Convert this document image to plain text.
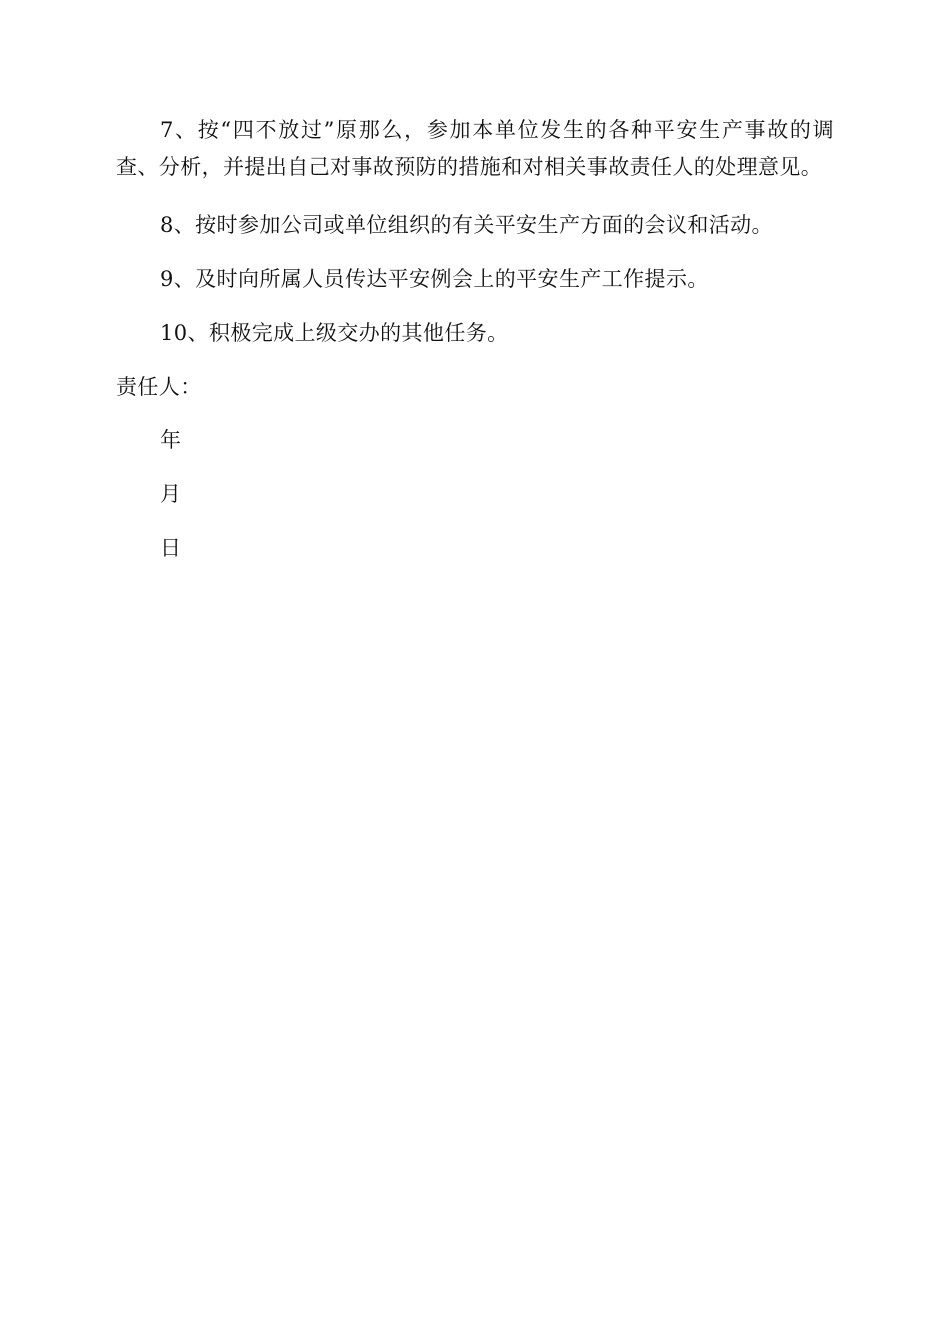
7、按“四不放过”原那么，参加本单位发生的各种平安生产事故的调查、分析，并提出自己对事故预防的措施和对相关事故责任人的处理意见。

8、按时参加公司或单位组织的有关平安生产方面的会议和活动。

9、及时向所属人员传达平安例会上的平安生产工作提示。

10、积极完成上级交办的其他任务。

责任人：

年

月

日
